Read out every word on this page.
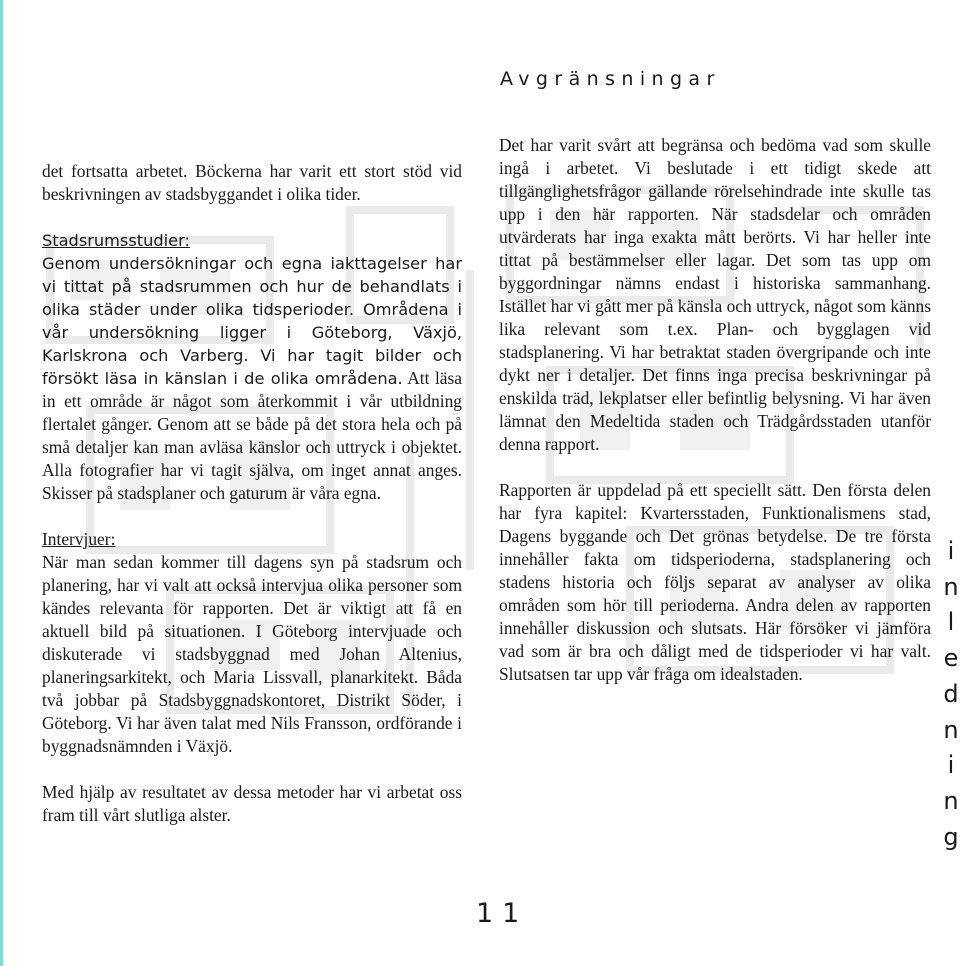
Avgränsningar

det fortsatta arbetet. Böckerna har varit ett stort stöd vid beskrivningen av stadsbyggandet i olika tider.

Stadsrumsstudier:

Genom undersökningar och egna iakttagelser har vi tittat på stadsrummen och hur de behandlats i olika städer under olika tidsperioder. Områdena i vår undersökning ligger i Göteborg, Växjö, Karlskrona och Varberg. Vi har tagit bilder och försökt läsa in känslan i de olika områdena. Att läsa in ett område är något som återkommit i vår utbildning flertalet gånger. Genom att se både på det stora hela och på små detaljer kan man avläsa känslor och uttryck i objektet. Alla fotografier har vi tagit själva, om inget annat anges. Skisser på stadsplaner och gaturum är våra egna.

Intervjuer:

När man sedan kommer till dagens syn på stadsrum och planering, har vi valt att också intervjua olika personer som kändes relevanta för rapporten. Det är viktigt att få en aktuell bild på situationen. I Göteborg intervjuade och diskuterade vi stadsbyggnad med Johan Altenius, planeringsarkitekt, och Maria Lissvall, planarkitekt. Båda två jobbar på Stadsbyggnadskontoret, Distrikt Söder, i Göteborg. Vi har även talat med Nils Fransson, ordförande i byggnadsnämnden i Växjö.

Med hjälp av resultatet av dessa metoder har vi arbetat oss fram till vårt slutliga alster.

Det har varit svårt att begränsa och bedöma vad som skulle ingå i arbetet. Vi beslutade i ett tidigt skede att tillgänglighetsfrågor gällande rörelsehindrade inte skulle tas upp i den här rapporten. När stadsdelar och områden utvärderats har inga exakta mått berörts. Vi har heller inte tittat på bestämmelser eller lagar. Det som tas upp om byggordningar nämns endast i historiska sammanhang. Istället har vi gått mer på känsla och uttryck, något som känns lika relevant som t.ex. Plan- och bygglagen vid stadsplanering. Vi har betraktat staden övergripande och inte dykt ner i detaljer. Det finns inga precisa beskrivningar på enskilda träd, lekplatser eller befintlig belysning. Vi har även lämnat den Medeltida staden och Trädgårdsstaden utanför denna rapport.

Rapporten är uppdelad på ett speciellt sätt. Den första delen har fyra kapitel: Kvartersstaden, Funktionalismens stad, Dagens byggande och Det grönas betydelse. De tre första innehåller fakta om tidsperioderna, stadsplanering och stadens historia och följs separat av analyser av olika områden som hör till perioderna. Andra delen av rapporten innehåller diskussion och slutsats. Här försöker vi jämföra vad som är bra och dåligt med de tidsperioder vi har valt. Slutsatsen tar upp vår fråga om idealstaden.

i
n
l
e
d
n
i
n
g
11
